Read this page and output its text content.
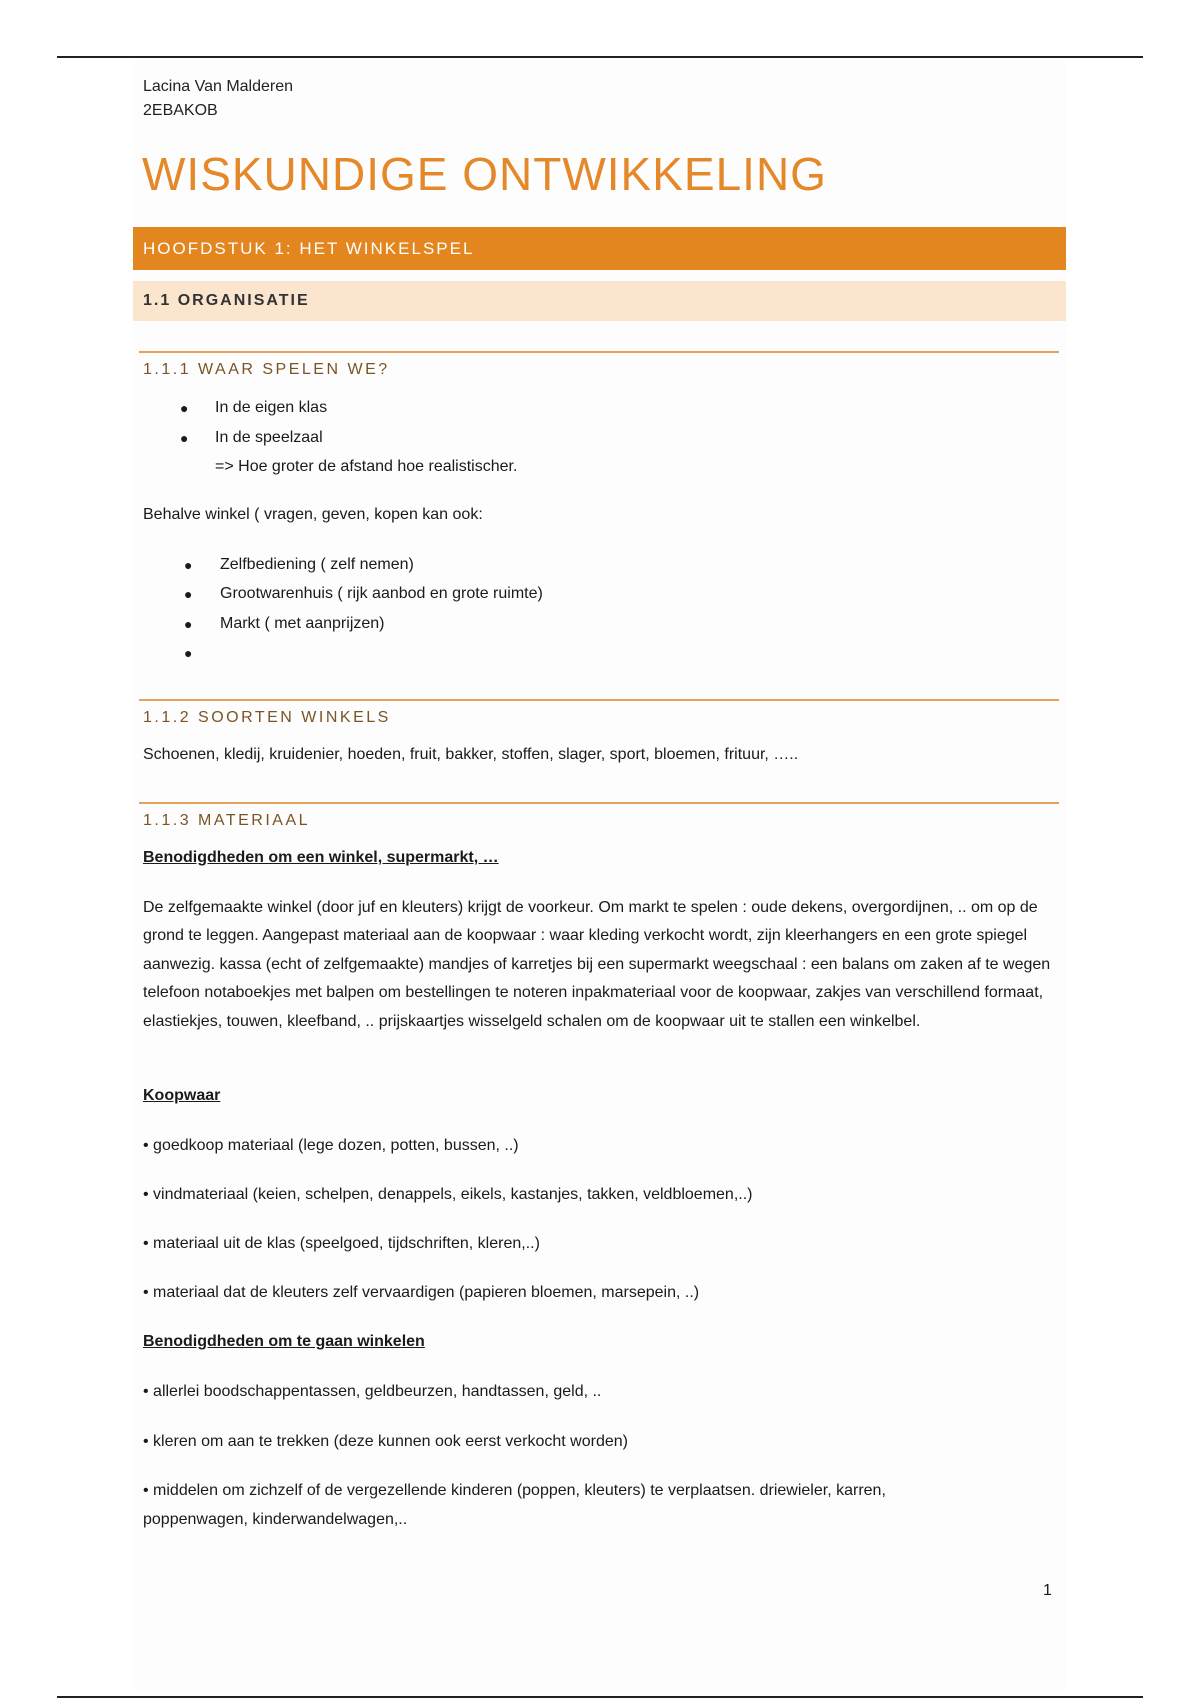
Lacina Van Malderen
2EBAKOB
WISKUNDIGE ONTWIKKELING
HOOFDSTUK 1: HET WINKELSPEL
1.1 ORGANISATIE
1.1.1 WAAR SPELEN WE?
● In de eigen klas
● In de speelzaal
=> Hoe groter de afstand hoe realistischer.
Behalve winkel ( vragen, geven, kopen kan ook:
● Zelfbediening ( zelf nemen)
● Grootwarenhuis ( rijk aanbod en grote ruimte)
● Markt ( met aanprijzen)
●
1.1.2 SOORTEN WINKELS
Schoenen, kledij, kruidenier, hoeden, fruit, bakker, stoffen, slager, sport, bloemen, frituur, …..
1.1.3 MATERIAAL
Benodigdheden om een winkel, supermarkt, …
De zelfgemaakte winkel (door juf en kleuters) krijgt de voorkeur. Om markt te spelen : oude dekens, overgordijnen, .. om op de grond te leggen. Aangepast materiaal aan de koopwaar : waar kleding verkocht wordt, zijn kleerhangers en een grote spiegel aanwezig. kassa (echt of zelfgemaakte) mandjes of karretjes bij een supermarkt weegschaal : een balans om zaken af te wegen telefoon notaboekjes met balpen om bestellingen te noteren inpakmateriaal voor de koopwaar, zakjes van verschillend formaat, elastiekjes, touwen, kleefband, .. prijskaartjes wisselgeld schalen om de koopwaar uit te stallen een winkelbel.
Koopwaar
• goedkoop materiaal (lege dozen, potten, bussen, ..)
• vindmateriaal (keien, schelpen, denappels, eikels, kastanjes, takken, veldbloemen,..)
• materiaal uit de klas (speelgoed, tijdschriften, kleren,..)
• materiaal dat de kleuters zelf vervaardigen (papieren bloemen, marsepein, ..)
Benodigdheden om te gaan winkelen
• allerlei boodschappentassen, geldbeurzen, handtassen, geld, ..
• kleren om aan te trekken (deze kunnen ook eerst verkocht worden)
• middelen om zichzelf of de vergezellende kinderen (poppen, kleuters) te verplaatsen. driewieler, karren,
poppenwagen, kinderwandelwagen,..
1
